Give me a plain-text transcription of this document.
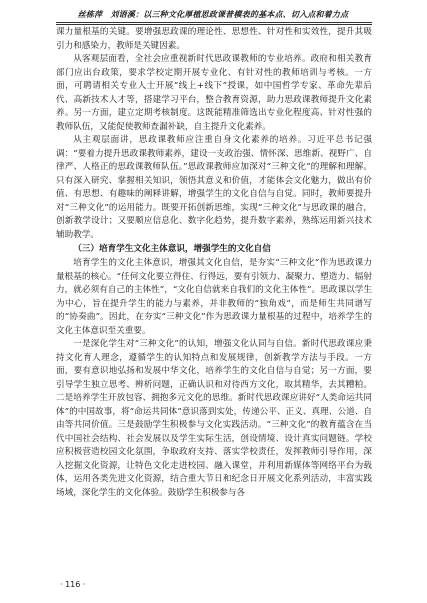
丝栋萍　刘语溪：以三种文化厚植思政课普模表的基本点、切入点和着力点

课力量根基的关键。要增强思政课的理论性、思想性、针对性和实效性，提升其吸引力和感染力，教师是关键因素。

从客观层面看，全社会应重视新时代思政课教师的专业培养。政府和相关教育部门应出台政策，要求学校定期开展专业化、有针对性的教师培训与考核。一方面，可聘请相关专业人士开展“线上+线下”授课，如中国哲学专家、革命先辈后代、高新技术人才等，搭建学习平台，整合教育资源，助力思政课教师提升文化素养。另一方面，建立定期考核制度。这既能精准筛选出专业化程度高、针对性强的教师队伍，又能促使教师查漏补缺，自主提升文化素养。

从主观层面讲，思政课教师应注重自身文化素养的培养。习近平总书记强调：“要着力提升思政课教师素养，建设一支政治强、情怀深、思维新、视野广、自律严、人格正的思政课教师队伍。”思政课教师应加深对“三种文化”的理解和理解。只有深入研究、掌握相关知识，领悟其意义和价值，才能体会文化魅力，做出有价值、有思想、有趣味的阐释讲解，增强学生的文化自信与自觉。同时，教师要提升对“三种文化”的运用能力。既要开拓创新思维，实现“三种文化”与思政课的融合，创新教学设计；又要顺应信息化、数字化趋势，提升数字素养，熟练运用新兴技术辅助教学。

（三）培育学生文化主体意识，增强学生的文化自信

培育学生的文化主体意识，增强其文化自信，是夯实“三种文化”作为思政课力量根基的核心。“任何文化要立得住、行得远，要有引领力、凝聚力、塑造力、辐射力，就必须有自己的主体性”，“文化自信就来自我们的文化主体性”。思政课以学生为中心，旨在提升学生的能力与素养，并非教师的“独角戏”，而是师生共同谱写的“协奏曲”。因此，在夯实“三种文化”作为思政课力量根基的过程中，培养学生的文化主体意识至关重要。

一是深化学生对“三种文化”的认知，增强文化认同与自信。新时代思政课应秉持文化育人理念，遵循学生的认知特点和发展规律，创新教学方法与手段。一方面，要有意识地弘扬和发展中华文化，培养学生的文化自信与自觉；另一方面，要引导学生独立思考、辨析问题，正确认识和对待西方文化，取其精华，去其糟粕。二是培养学生开放包容、拥抱多元文化的思维。新时代思政课应讲好“人类命运共同体”的中国故事，将“命运共同体”意识落到实处，传递公平、正义、真理、公道、自由等共同价值。三是鼓励学生积极参与文化实践活动。“三种文化”的教育蕴含在当代中国社会结构、社会发展以及学生实际生活，创设情境、设计真实问题链。学校应积极营造校园文化氛围，争取政府支持、落实学校责任，发挥教师引导作用，深入挖掘文化资源，让特色文化走进校园、融入课堂，并利用新媒体等网络平台为载体，运用各类先进文化资源，结合重大节日和纪念日开展文化系列活动，丰富实践场域，深化学生的文化体验。鼓励学生积极参与各

· 116 ·
